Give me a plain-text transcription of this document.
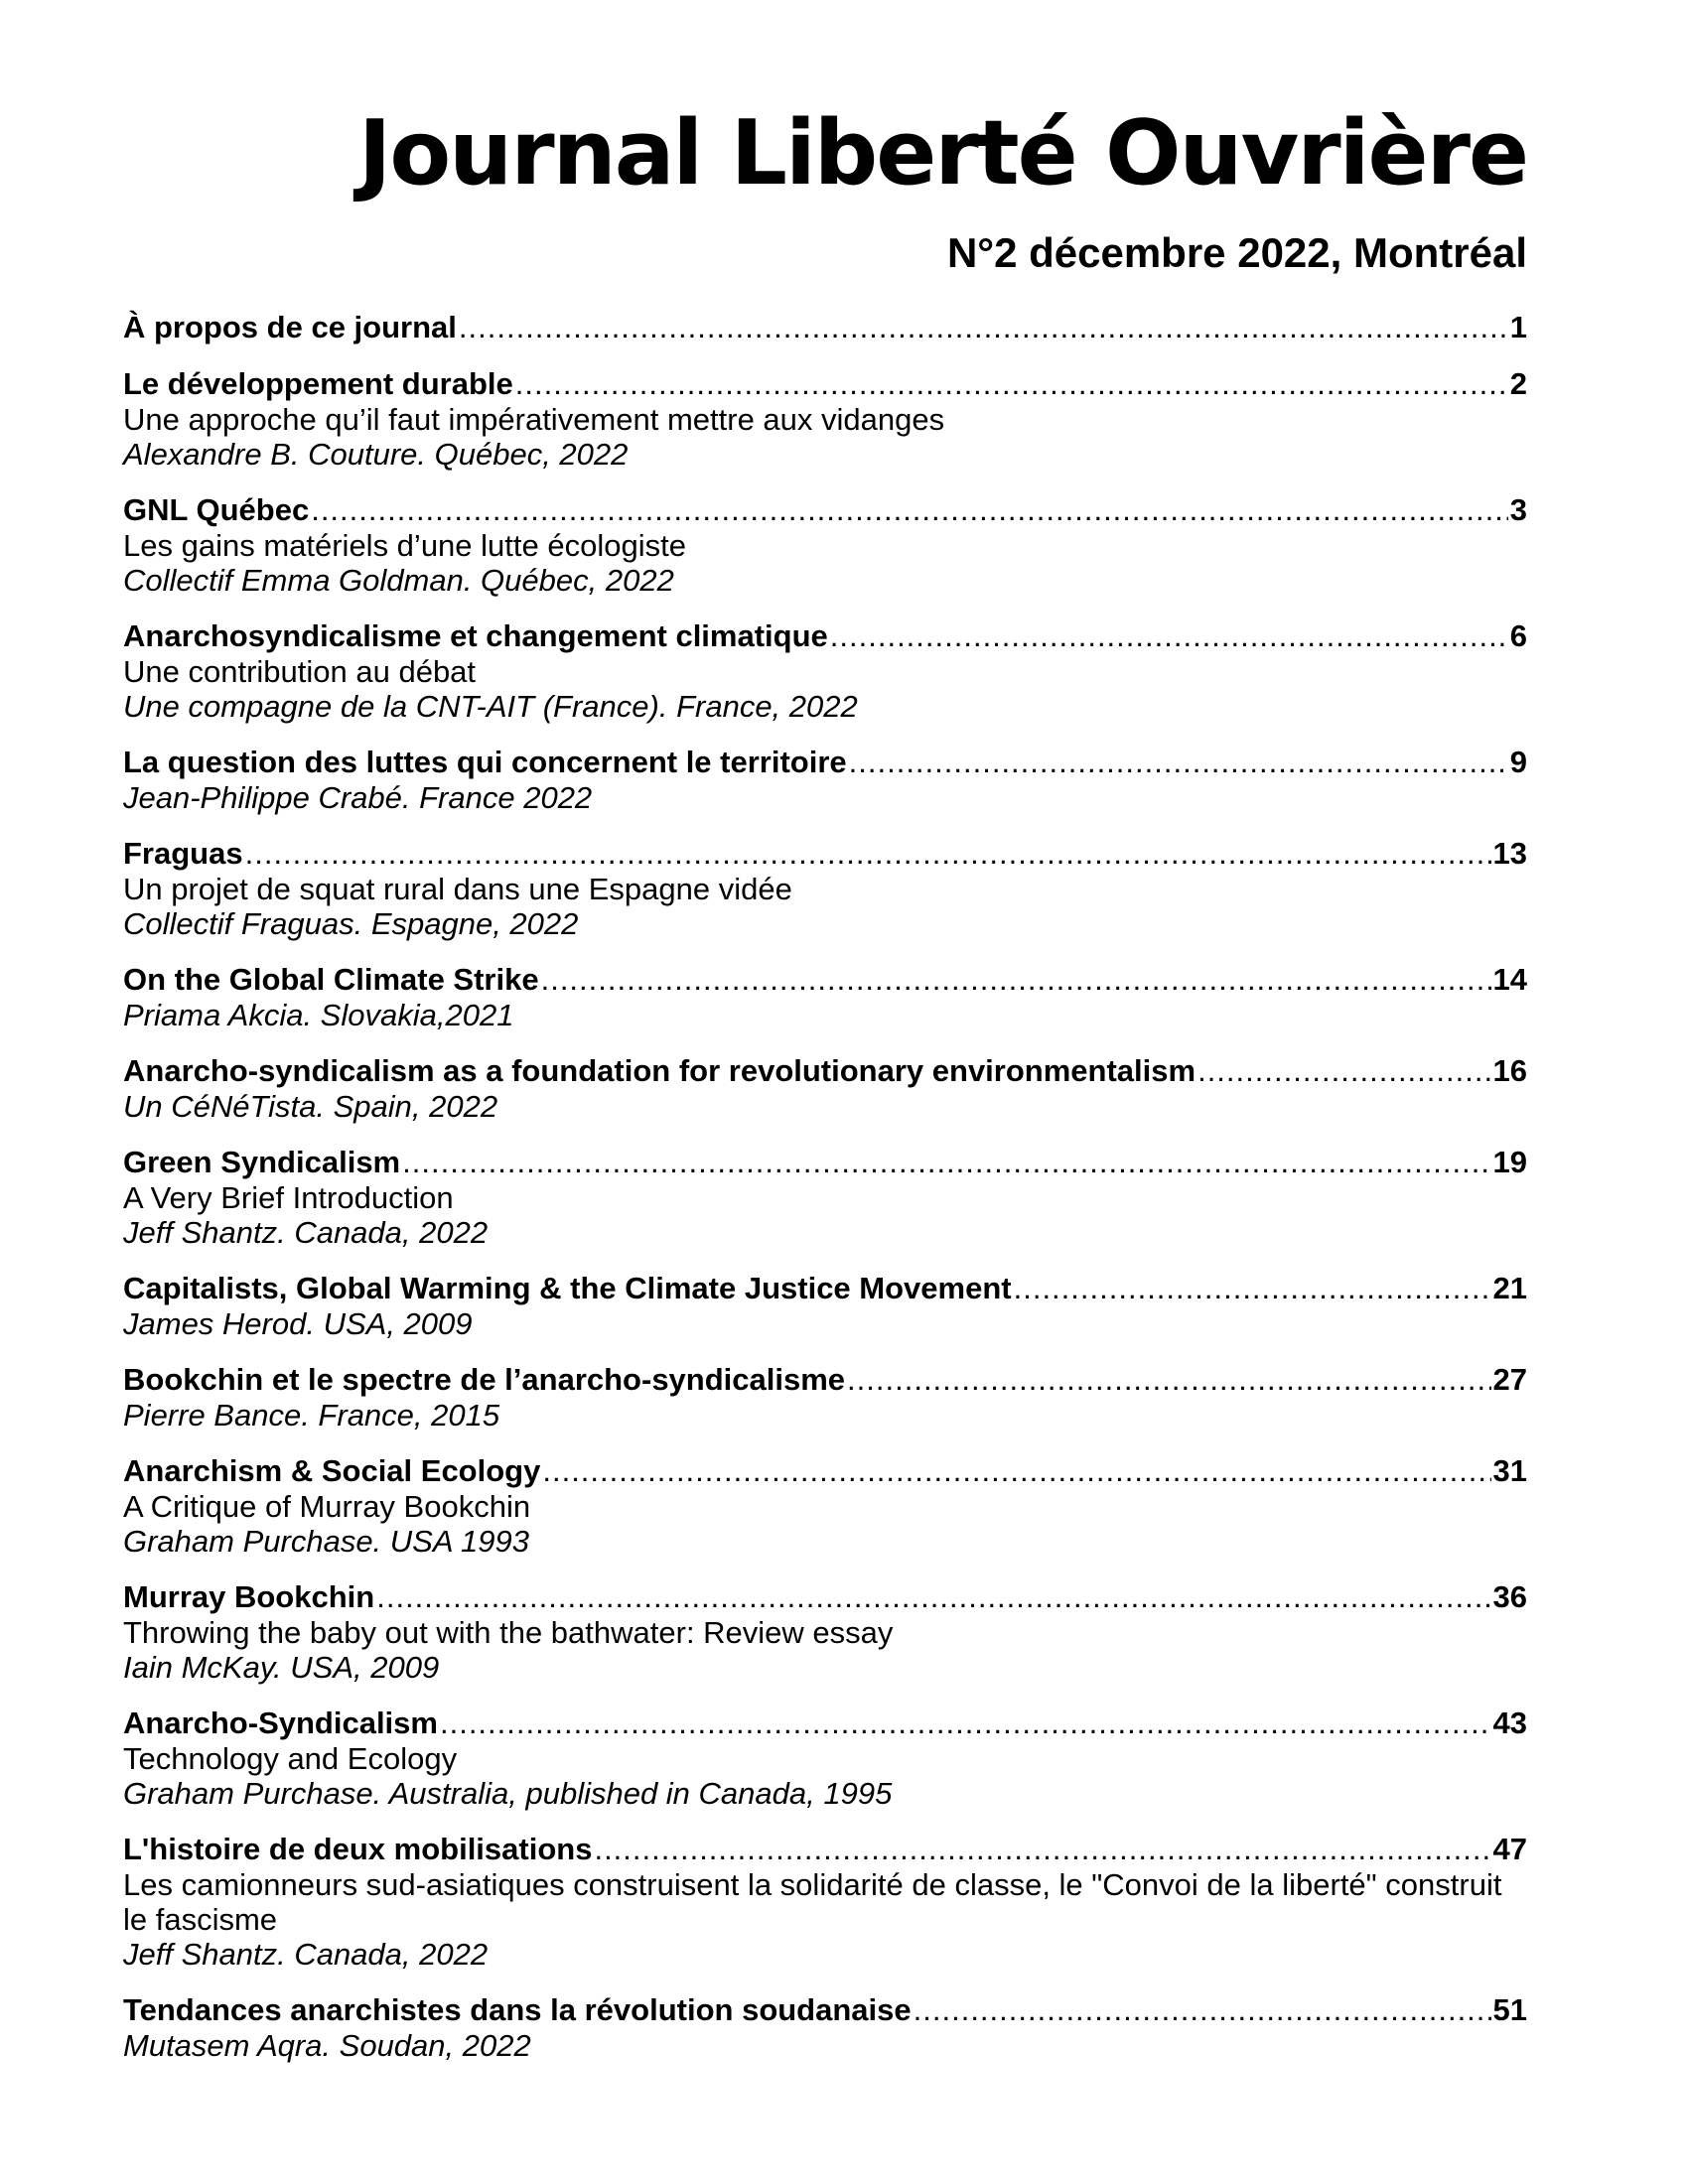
Journal Liberté Ouvrière
N°2 décembre 2022, Montréal
À propos de ce journal .....	1
Le développement durable .....	2
Une approche qu’il faut impérativement mettre aux vidanges
Alexandre B. Couture. Québec, 2022
GNL Québec .....	3
Les gains matériels d’une lutte écologiste
Collectif Emma Goldman. Québec, 2022
Anarchosyndicalisme et changement climatique .....	6
Une contribution au débat
Une compagne de la CNT-AIT (France). France, 2022
La question des luttes qui concernent le territoire .....	9
Jean-Philippe Crabé. France 2022
Fraguas .....	13
Un projet de squat rural dans une Espagne vidée
Collectif Fraguas. Espagne, 2022
On the Global Climate Strike .....	14
Priama Akcia. Slovakia,2021
Anarcho-syndicalism as a foundation for revolutionary environmentalism .....	16
Un CéNéTista. Spain, 2022
Green Syndicalism .....	19
A Very Brief Introduction
Jeff Shantz. Canada, 2022
Capitalists, Global Warming & the Climate Justice Movement .....	21
James Herod. USA, 2009
Bookchin et le spectre de l’anarcho-syndicalisme .....	27
Pierre Bance. France, 2015
Anarchism & Social Ecology .....	31
A Critique of Murray Bookchin
Graham Purchase. USA 1993
Murray Bookchin .....	36
Throwing the baby out with the bathwater: Review essay
Iain McKay. USA, 2009
Anarcho-Syndicalism .....	43
Technology and Ecology
Graham Purchase. Australia, published in Canada, 1995
L'histoire de deux mobilisations .....	47
Les camionneurs sud-asiatiques construisent la solidarité de classe, le "Convoi de la liberté" construit le fascisme
Jeff Shantz. Canada, 2022
Tendances anarchistes dans la révolution soudanaise .....	51
Mutasem Aqra. Soudan, 2022
